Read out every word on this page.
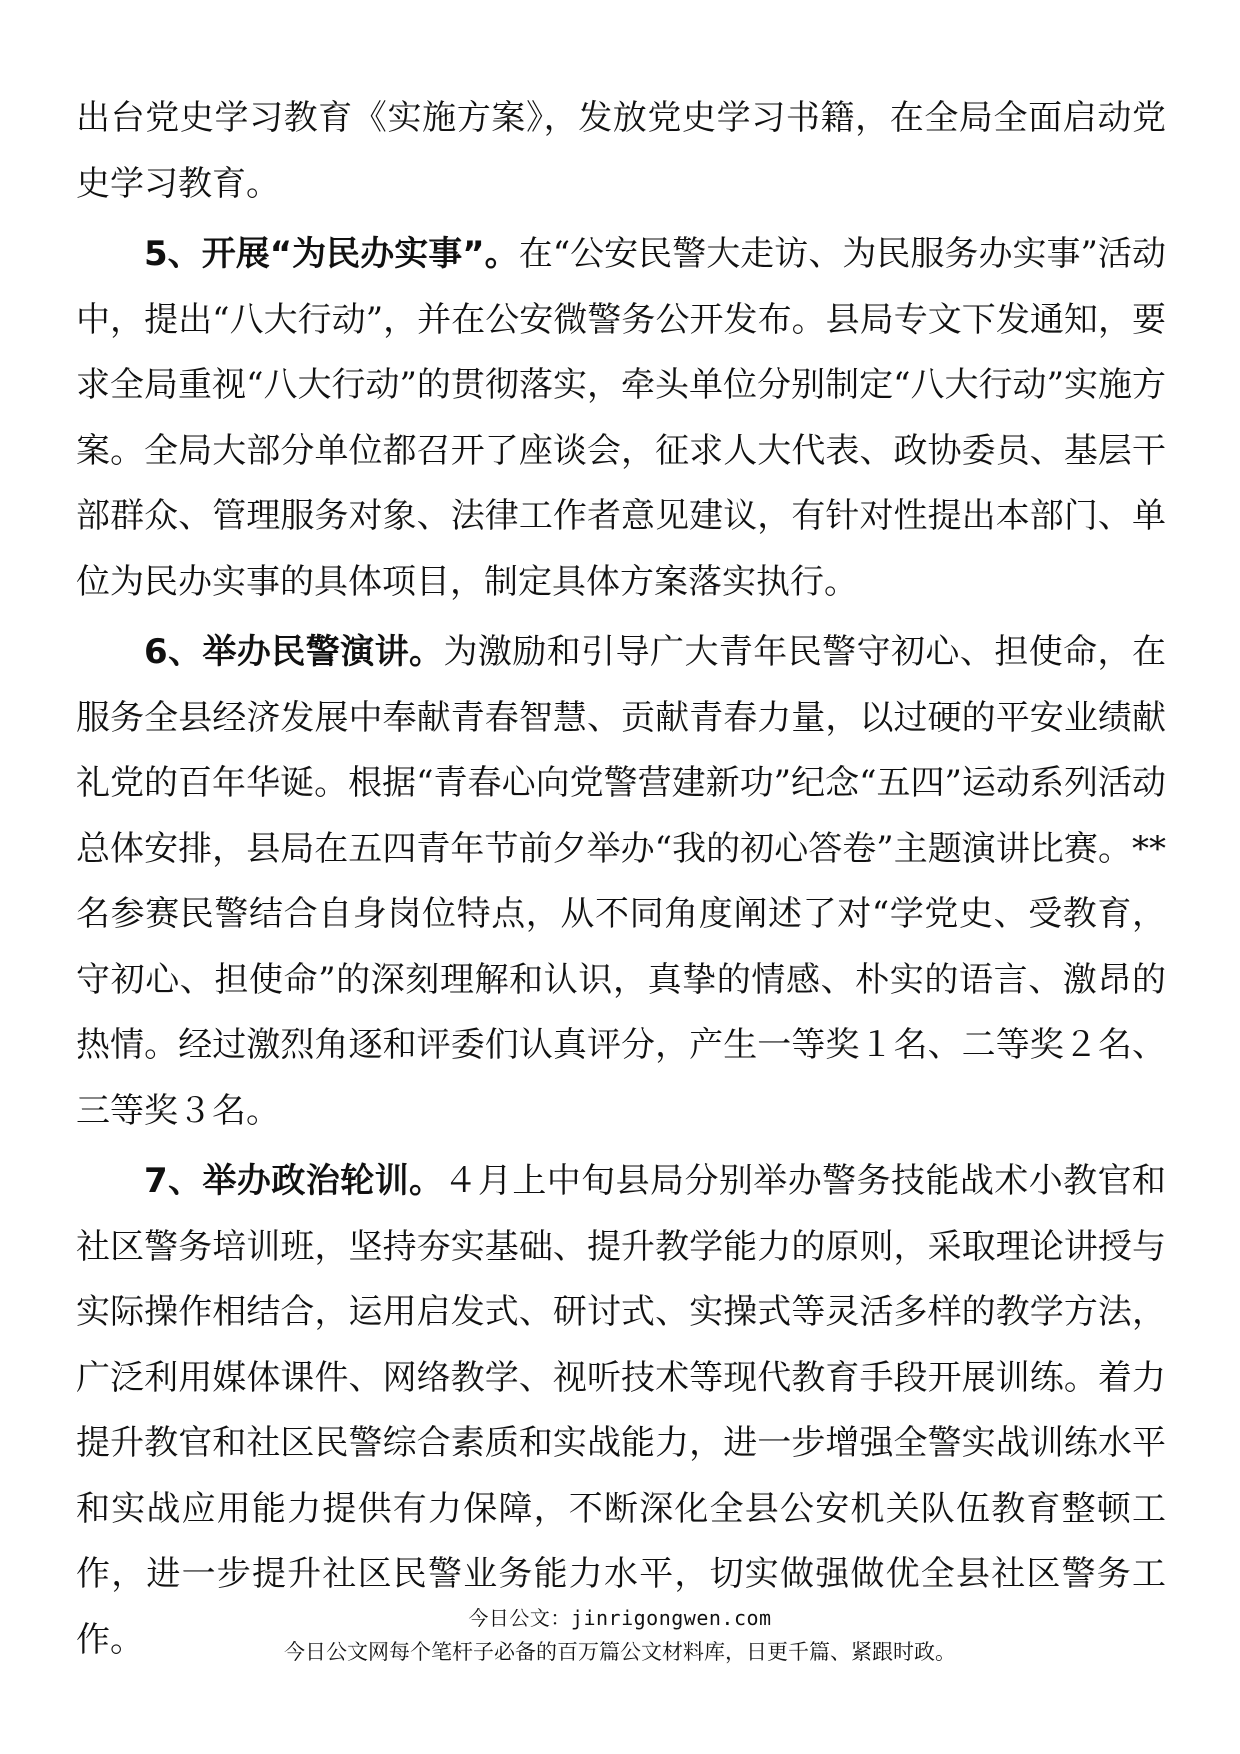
出台党史学习教育《实施方案》，发放党史学习书籍，在全局全面启动党史学习教育。

5、开展“为民办实事”。在“公安民警大走访、为民服务办实事”活动中，提出“八大行动”，并在公安微警务公开发布。县局专文下发通知，要求全局重视“八大行动”的贯彻落实，牵头单位分别制定“八大行动”实施方案。全局大部分单位都召开了座谈会，征求人大代表、政协委员、基层干部群众、管理服务对象、法律工作者意见建议，有针对性提出本部门、单位为民办实事的具体项目，制定具体方案落实执行。

6、举办民警演讲。为激励和引导广大青年民警守初心、担使命，在服务全县经济发展中奉献青春智慧、贡献青春力量，以过硬的平安业绩献礼党的百年华诞。根据“青春心向党警营建新功”纪念“五四”运动系列活动总体安排，县局在五四青年节前夕举办“我的初心答卷”主题演讲比赛。**名参赛民警结合自身岗位特点，从不同角度阐述了对“学党史、受教育，守初心、担使命”的深刻理解和认识，真挚的情感、朴实的语言、激昂的热情。经过激烈角逐和评委们认真评分，产生一等奖１名、二等奖２名、三等奖３名。

7、举办政治轮训。４月上中旬县局分别举办警务技能战术小教官和社区警务培训班，坚持夯实基础、提升教学能力的原则，采取理论讲授与实际操作相结合，运用启发式、研讨式、实操式等灵活多样的教学方法，广泛利用媒体课件、网络教学、视听技术等现代教育手段开展训练。着力提升教官和社区民警综合素质和实战能力，进一步增强全警实战训练水平和实战应用能力提供有力保障，不断深化全县公安机关队伍教育整顿工作，进一步提升社区民警业务能力水平，切实做强做优全县社区警务工作。

今日公文：jinrigongwen.com
今日公文网每个笔杆子必备的百万篇公文材料库，日更千篇、紧跟时政。
